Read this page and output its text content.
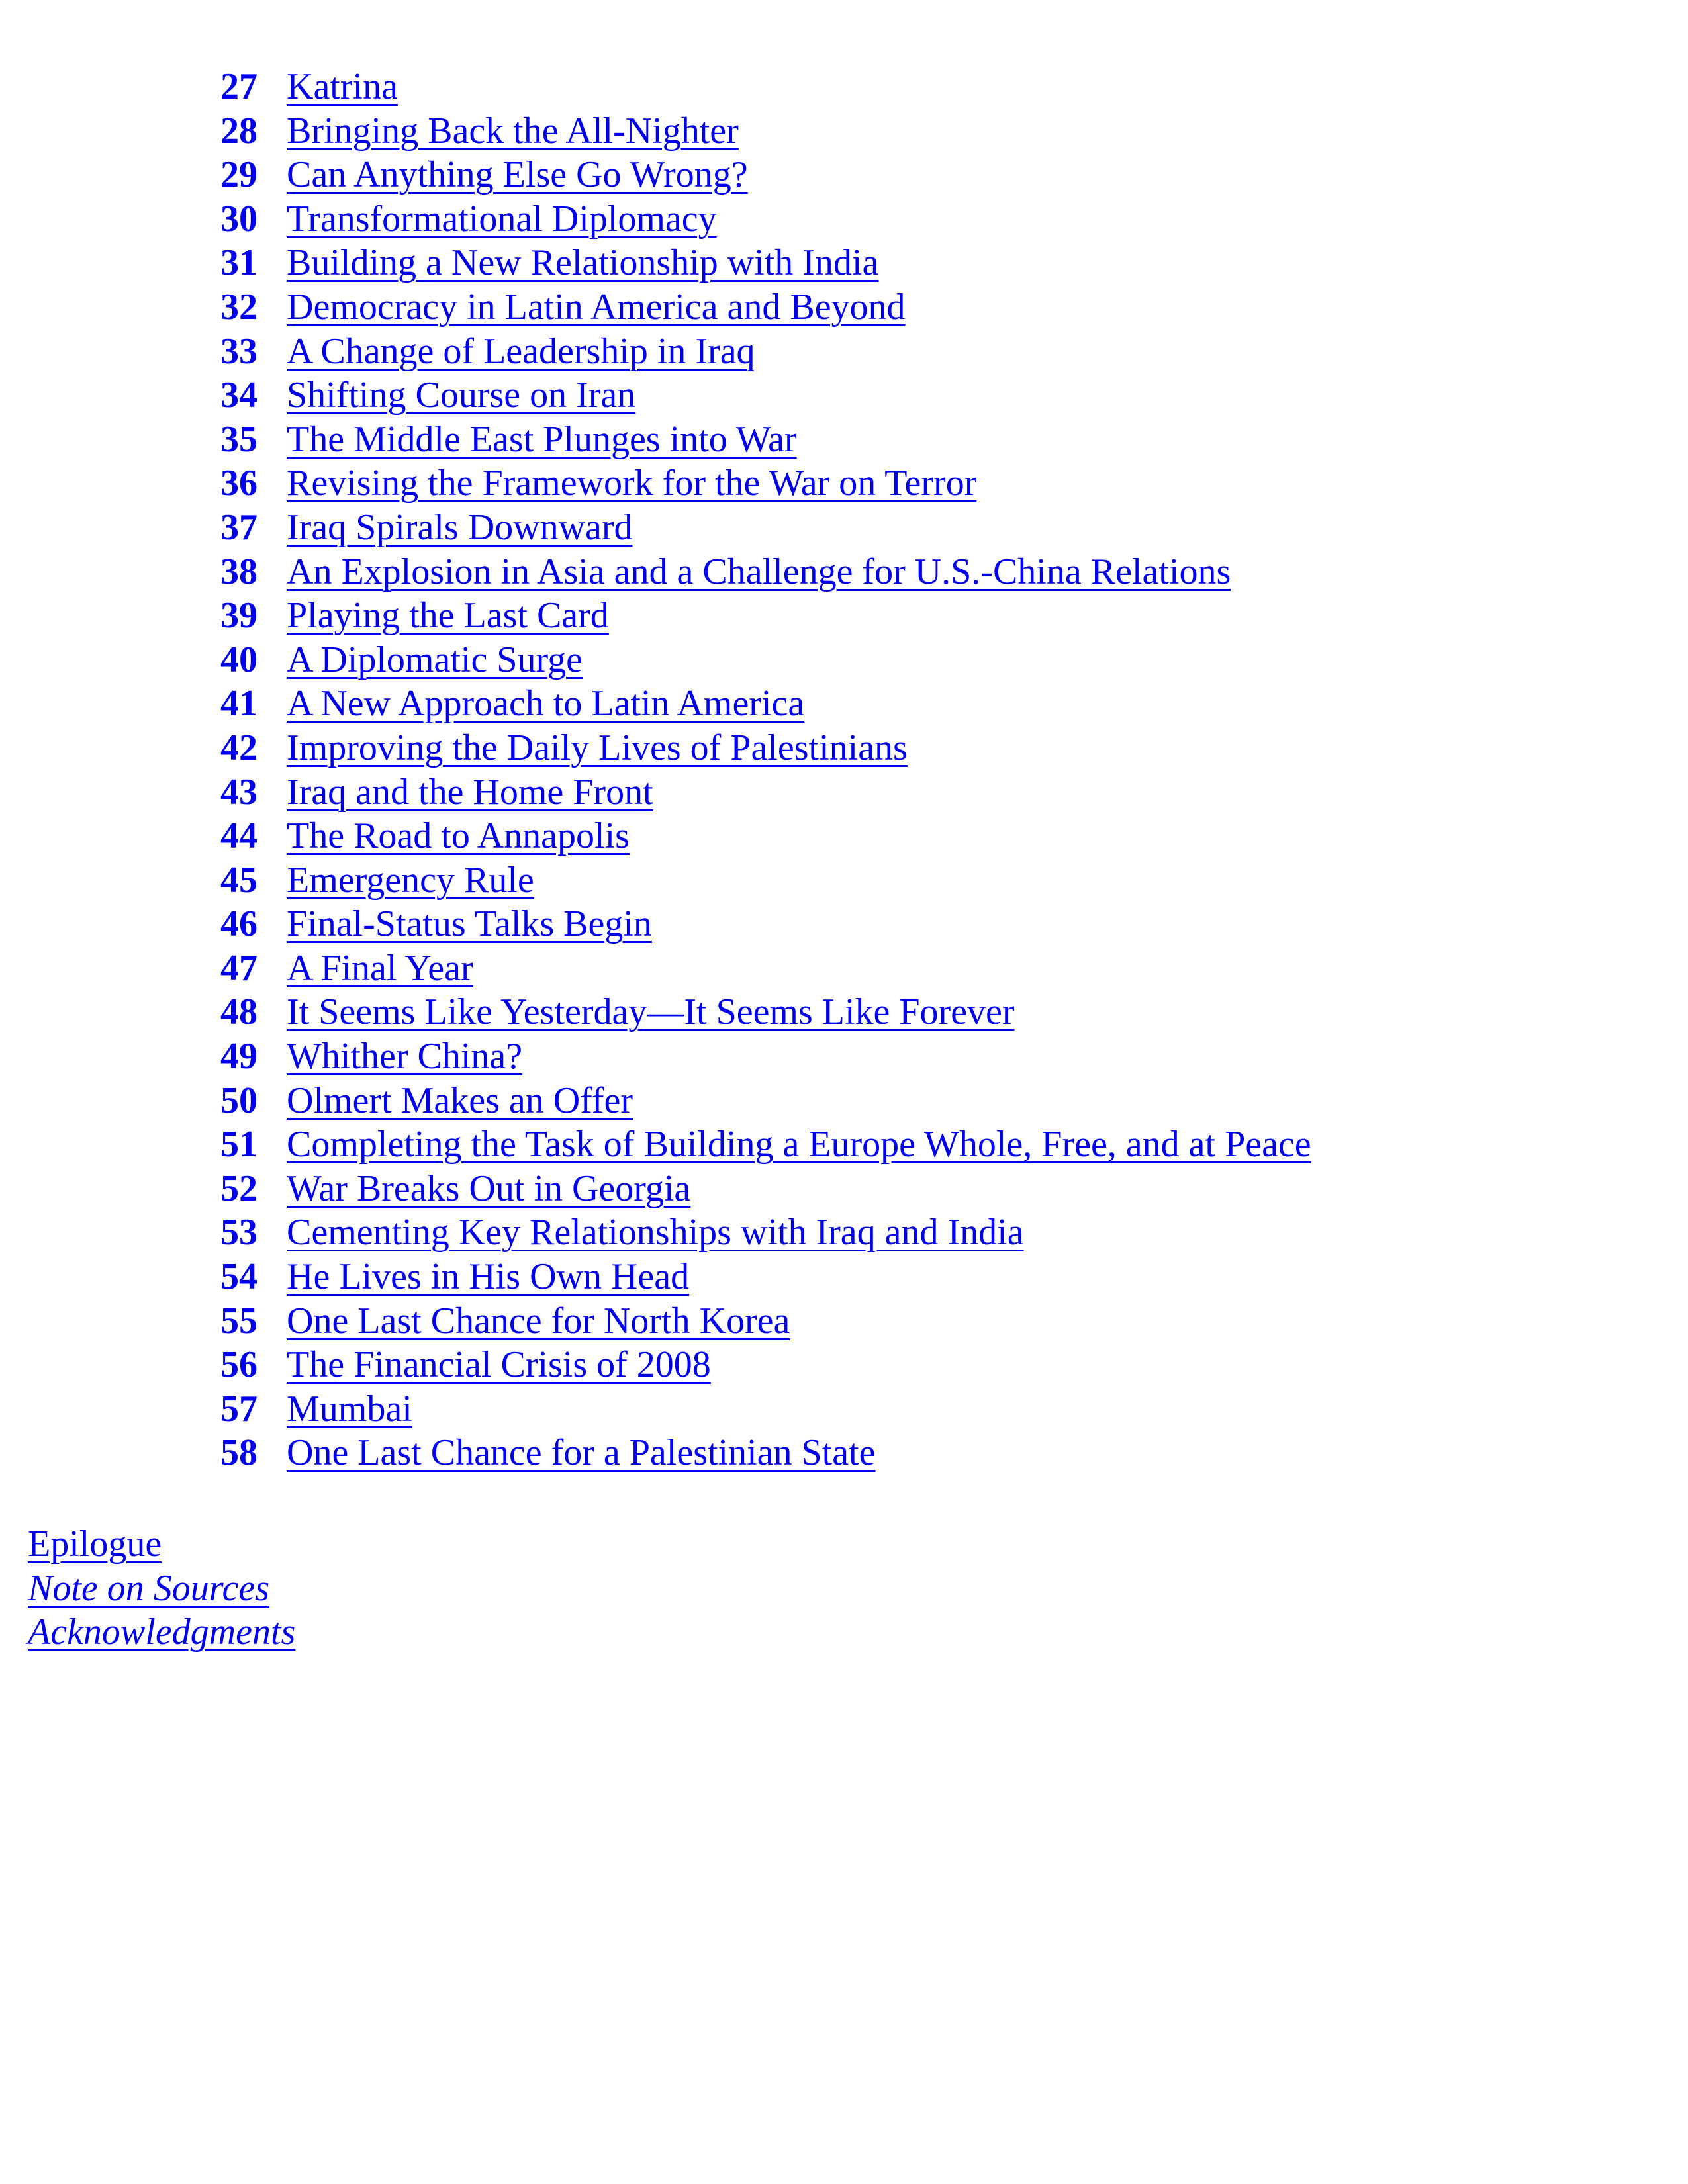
27 Katrina
28 Bringing Back the All-Nighter
29 Can Anything Else Go Wrong?
30 Transformational Diplomacy
31 Building a New Relationship with India
32 Democracy in Latin America and Beyond
33 A Change of Leadership in Iraq
34 Shifting Course on Iran
35 The Middle East Plunges into War
36 Revising the Framework for the War on Terror
37 Iraq Spirals Downward
38 An Explosion in Asia and a Challenge for U.S.-China Relations
39 Playing the Last Card
40 A Diplomatic Surge
41 A New Approach to Latin America
42 Improving the Daily Lives of Palestinians
43 Iraq and the Home Front
44 The Road to Annapolis
45 Emergency Rule
46 Final-Status Talks Begin
47 A Final Year
48 It Seems Like Yesterday—It Seems Like Forever
49 Whither China?
50 Olmert Makes an Offer
51 Completing the Task of Building a Europe Whole, Free, and at Peace
52 War Breaks Out in Georgia
53 Cementing Key Relationships with Iraq and India
54 He Lives in His Own Head
55 One Last Chance for North Korea
56 The Financial Crisis of 2008
57 Mumbai
58 One Last Chance for a Palestinian State
Epilogue
Note on Sources
Acknowledgments
